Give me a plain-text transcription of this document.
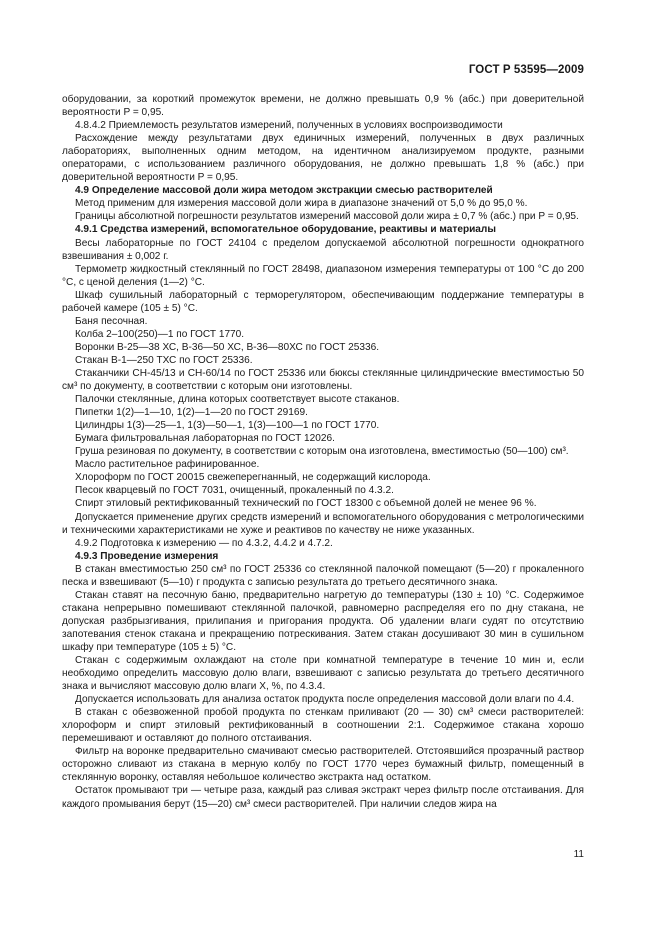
ГОСТ Р 53595—2009

оборудовании, за короткий промежуток времени, не должно превышать 0,9 % (абс.) при доверительной вероятности P = 0,95.

4.8.4.2 Приемлемость результатов измерений, полученных в условиях воспроизводимости

Расхождение между результатами двух единичных измерений, полученных в двух различных лабораториях, выполненных одним методом, на идентичном анализируемом продукте, разными операторами, с использованием различного оборудования, не должно превышать 1,8 % (абс.) при доверительной вероятности P = 0,95.

4.9 Определение массовой доли жира методом экстракции смесью растворителей

Метод применим для измерения массовой доли жира в диапазоне значений от 5,0 % до 95,0 %.

Границы абсолютной погрешности результатов измерений массовой доли жира ± 0,7 % (абс.) при P = 0,95.

4.9.1 Средства измерений, вспомогательное оборудование, реактивы и материалы

Весы лабораторные по ГОСТ 24104 с пределом допускаемой абсолютной погрешности однократного взвешивания ± 0,002 г.

Термометр жидкостный стеклянный по ГОСТ 28498, диапазоном измерения температуры от 100 °С до 200 °С, с ценой деления (1—2) °С.

Шкаф сушильный лабораторный с терморегулятором, обеспечивающим поддержание температуры в рабочей камере (105 ± 5) °С.

Баня песочная.

Колба 2–100(250)—1 по ГОСТ 1770.

Воронки В-25—38 ХС, В-36—50 ХС, В-36—80ХС по ГОСТ 25336.

Стакан В-1—250 ТХС по ГОСТ 25336.

Стаканчики СН-45/13 и СН-60/14 по ГОСТ 25336 или бюксы стеклянные цилиндрические вместимостью 50 см³ по документу, в соответствии с которым они изготовлены.

Палочки стеклянные, длина которых соответствует высоте стаканов.

Пипетки 1(2)—1—10, 1(2)—1—20 по ГОСТ 29169.

Цилиндры 1(3)—25—1, 1(3)—50—1, 1(3)—100—1 по ГОСТ 1770.

Бумага фильтровальная лабораторная по ГОСТ 12026.

Груша резиновая по документу, в соответствии с которым она изготовлена, вместимостью (50—100) см³.

Масло растительное рафинированное.

Хлороформ по ГОСТ 20015 свежеперегнанный, не содержащий кислорода.

Песок кварцевый по ГОСТ 7031, очищенный, прокаленный по 4.3.2.

Спирт этиловый ректификованный технический по ГОСТ 18300 с объемной долей не менее 96 %.

Допускается применение других средств измерений и вспомогательного оборудования с метрологическими и техническими характеристиками не хуже и реактивов по качеству не ниже указанных.

4.9.2 Подготовка к измерению — по 4.3.2, 4.4.2 и 4.7.2.

4.9.3 Проведение измерения

В стакан вместимостью 250 см³ по ГОСТ 25336 со стеклянной палочкой помещают (5—20) г прокаленного песка и взвешивают (5—10) г продукта с записью результата до третьего десятичного знака.

Стакан ставят на песочную баню, предварительно нагретую до температуры (130 ± 10) °С. Содержимое стакана непрерывно помешивают стеклянной палочкой, равномерно распределяя его по дну стакана, не допуская разбрызгивания, прилипания и пригорания продукта. Об удалении влаги судят по отсутствию запотевания стенок стакана и прекращению потрескивания. Затем стакан досушивают 30 мин в сушильном шкафу при температуре (105 ± 5) °С.

Стакан с содержимым охлаждают на столе при комнатной температуре в течение 10 мин и, если необходимо определить массовую долю влаги, взвешивают с записью результата до третьего десятичного знака и вычисляют массовую долю влаги X, %, по 4.3.4.

Допускается использовать для анализа остаток продукта после определения массовой доли влаги по 4.4.

В стакан с обезвоженной пробой продукта по стенкам приливают (20 — 30) см³ смеси растворителей: хлороформ и спирт этиловый ректификованный в соотношении 2:1. Содержимое стакана хорошо перемешивают и оставляют до полного отстаивания.

Фильтр на воронке предварительно смачивают смесью растворителей. Отстоявшийся прозрачный раствор осторожно сливают из стакана в мерную колбу по ГОСТ 1770 через бумажный фильтр, помещенный в стеклянную воронку, оставляя небольшое количество экстракта над остатком.

Остаток промывают три — четыре раза, каждый раз сливая экстракт через фильтр после отстаивания. Для каждого промывания берут (15—20) см³ смеси растворителей. При наличии следов жира на

11
